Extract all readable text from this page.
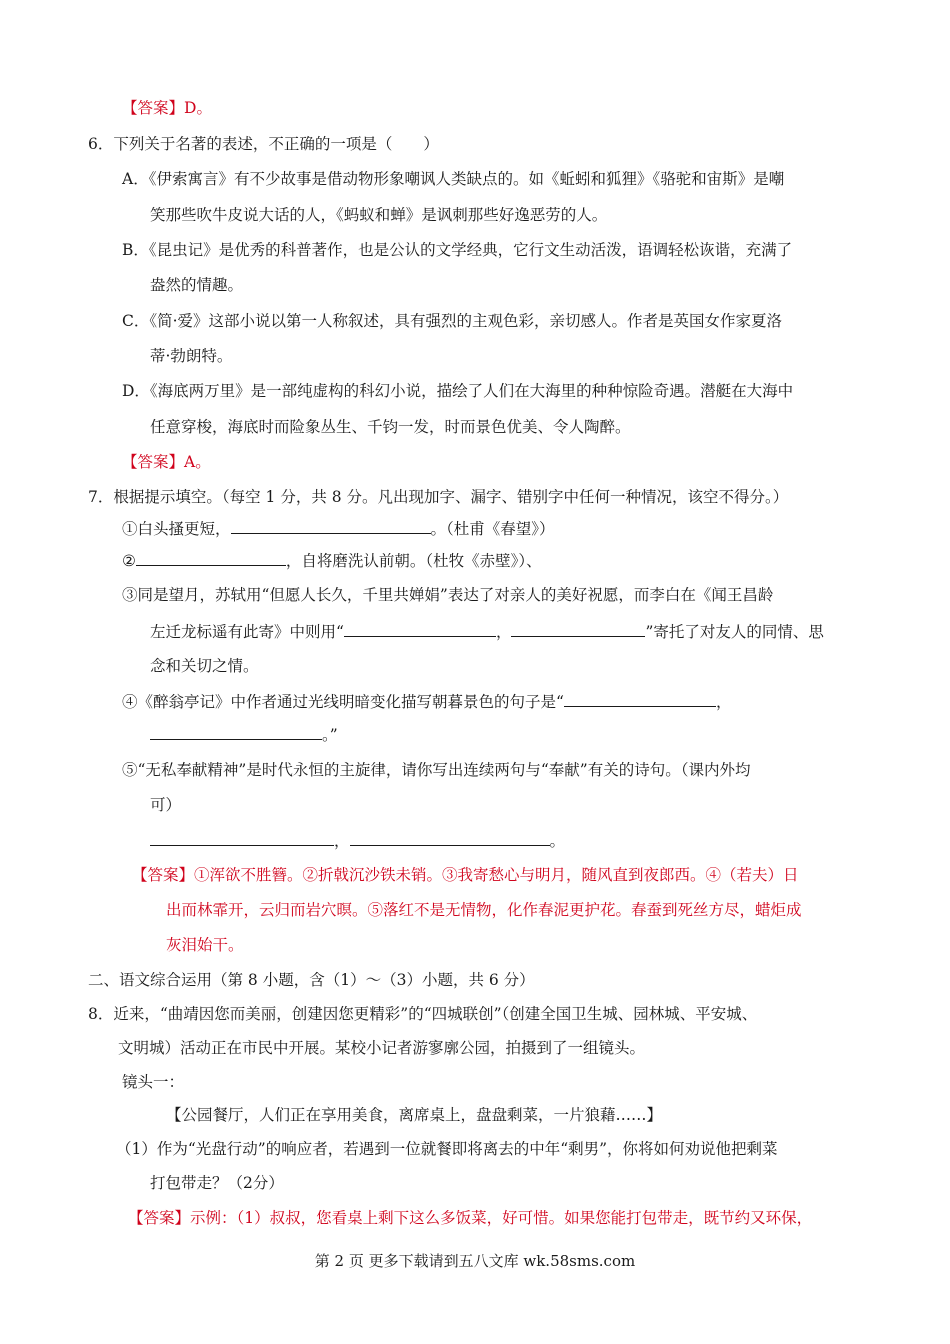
【答案】D。
6．下列关于名著的表述，不正确的一项是（　　）
A．《伊索寓言》有不少故事是借动物形象嘲讽人类缺点的。如《蚯蚓和狐狸》《骆驼和宙斯》是嘲
笑那些吹牛皮说大话的人，《蚂蚁和蝉》是讽刺那些好逸恶劳的人。
B．《昆虫记》是优秀的科普著作，也是公认的文学经典，它行文生动活泼，语调轻松诙谐，充满了
盎然的情趣。
C．《简·爱》这部小说以第一人称叙述，具有强烈的主观色彩，亲切感人。作者是英国女作家夏洛
蒂·勃朗特。
D．《海底两万里》是一部纯虚构的科幻小说，描绘了人们在大海里的种种惊险奇遇。潜艇在大海中
任意穿梭，海底时而险象丛生、千钧一发，时而景色优美、令人陶醉。
【答案】A。
7．根据提示填空。（每空 1 分，共 8 分。凡出现加字、漏字、错别字中任何一种情况，该空不得分。）
①白头搔更短，	。（杜甫《春望》）
②	，自将磨洗认前朝。（杜牧《赤壁》）、
③同是望月，苏轼用“但愿人长久，千里共婵娟”表达了对亲人的美好祝愿，而李白在《闻王昌龄
左迁龙标遥有此寄》中则用“	，	”寄托了对友人的同情、思
念和关切之情。
④《醉翁亭记》中作者通过光线明暗变化描写朝暮景色的句子是“	，
。”
⑤“无私奉献精神”是时代永恒的主旋律，请你写出连续两句与“奉献”有关的诗句。（课内外均
可）
，	。
【答案】①浑欲不胜簪。②折戟沉沙铁未销。③我寄愁心与明月，随风直到夜郎西。④（若夫）日
出而林霏开，云归而岩穴暝。⑤落红不是无情物，化作春泥更护花。春蚕到死丝方尽，蜡炬成
灰泪始干。
二、语文综合运用（第 8 小题，含（1）～（3）小题，共 6 分）
8．近来，“曲靖因您而美丽，创建因您更精彩”的“四城联创”（创建全国卫生城、园林城、平安城、
文明城）活动正在市民中开展。某校小记者游寥廓公园，拍摄到了一组镜头。
镜头一：
【公园餐厅，人们正在享用美食，离席桌上，盘盘剩菜，一片狼藉……】
（1）作为“光盘行动”的响应者，若遇到一位就餐即将离去的中年“剩男”，你将如何劝说他把剩菜
打包带走？（2分）
【答案】示例：（1）叔叔，您看桌上剩下这么多饭菜，好可惜。如果您能打包带走，既节约又环保，
第 2 页 更多下载请到五八文库 wk.58sms.com
